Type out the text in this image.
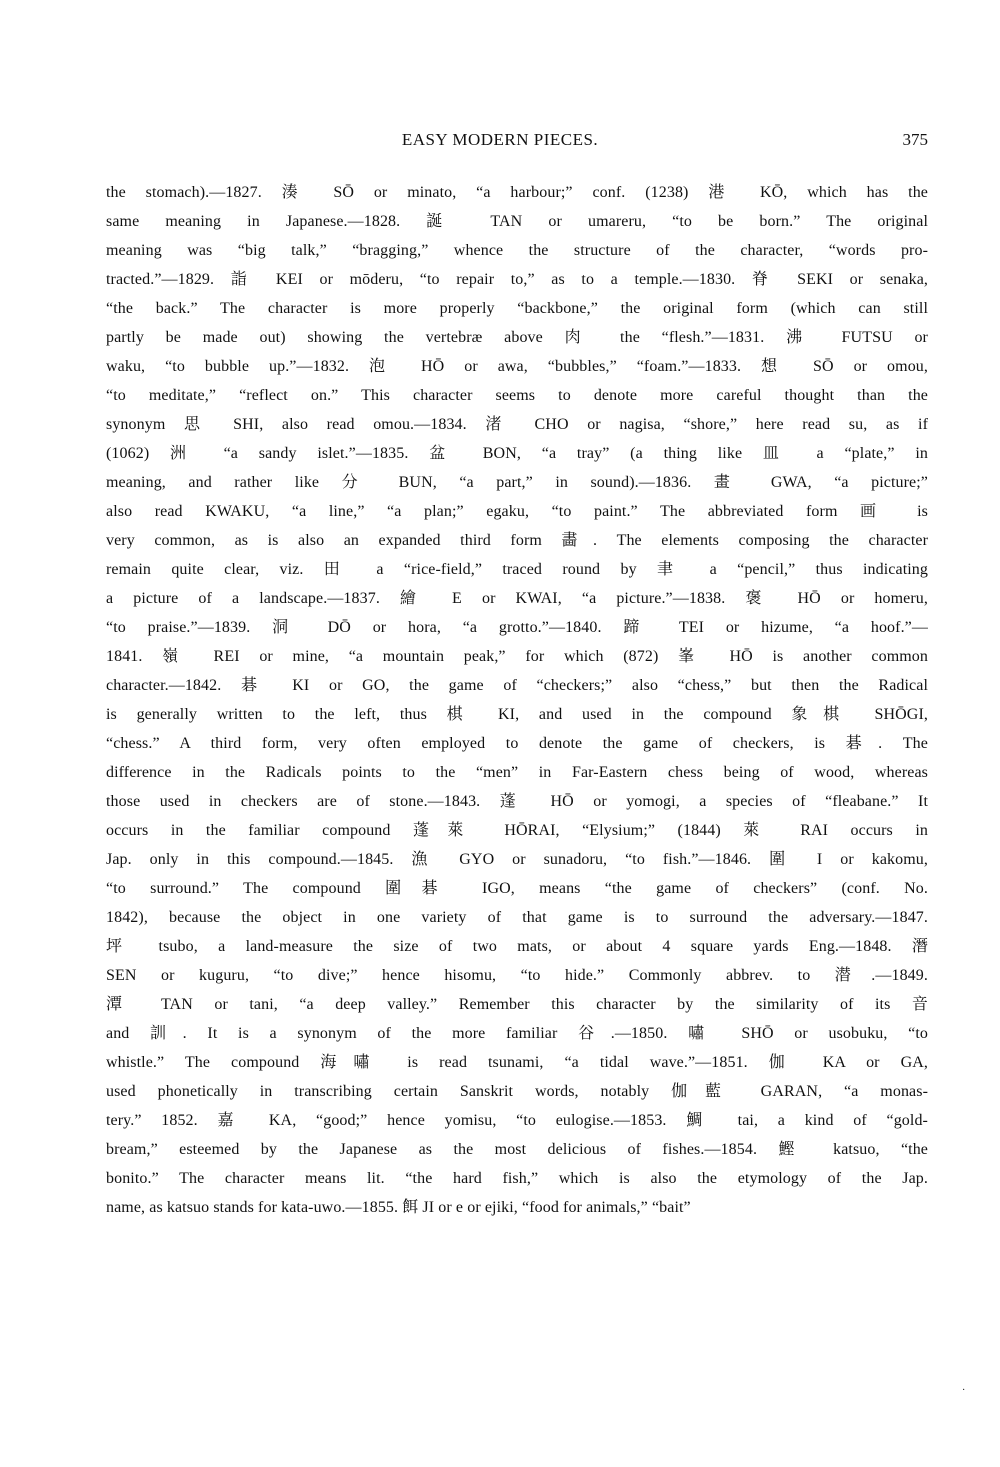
EASY MODERN PIECES.	375
the stomach).—1827. 湊 SŌ or minato, “a harbour;” conf. (1238) 港 KŌ, which has the
same meaning in Japanese.—1828. 誕 TAN or umareru, “to be born.” The original
meaning was “big talk,” “bragging,” whence the structure of the character, “words pro-
tracted.”—1829. 詣 KEI or mōderu, “to repair to,” as to a temple.—1830. 脊 SEKI or senaka,
“the back.” The character is more properly “backbone,” the original form (which can still
partly be made out) showing the vertebræ above 肉 the “flesh.”—1831. 沸 FUTSU or
waku, “to bubble up.”—1832. 泡 HŌ or awa, “bubbles,” “foam.”—1833. 想 SŌ or omou,
“to meditate,” “reflect on.” This character seems to denote more careful thought than the
synonym 思 SHI, also read omou.—1834. 渚 CHO or nagisa, “shore,” here read su, as if
(1062) 洲 “a sandy islet.”—1835. 盆 BON, “a tray” (a thing like 皿 a “plate,” in
meaning, and rather like 分 BUN, “a part,” in sound).—1836. 畫 GWA, “a picture;”
also read KWAKU, “a line,” “a plan;” egaku, “to paint.” The abbreviated form 画 is
very common, as is also an expanded third form 畵. The elements composing the character
remain quite clear, viz. 田 a “rice-field,” traced round by 聿 a “pencil,” thus indicating
a picture of a landscape.—1837. 繪 E or KWAI, “a picture.”—1838. 褒 HŌ or homeru,
“to praise.”—1839. 洞 DŌ or hora, “a grotto.”—1840. 蹄 TEI or hizume, “a hoof.”—
1841. 嶺 REI or mine, “a mountain peak,” for which (872) 峯 HŌ is another common
character.—1842. 碁 KI or GO, the game of “checkers;” also “chess,” but then the Radical
is generally written to the left, thus 棋 KI, and used in the compound 象棋 SHŌGI,
“chess.” A third form, very often employed to denote the game of checkers, is 碁. The
difference in the Radicals points to the “men” in Far-Eastern chess being of wood, whereas
those used in checkers are of stone.—1843. 蓬 HŌ or yomogi, a species of “fleabane.” It
occurs in the familiar compound 蓬萊 HŌRAI, “Elysium;” (1844) 萊 RAI occurs in
Jap. only in this compound.—1845. 漁 GYO or sunadoru, “to fish.”—1846. 圍 I or kakomu,
“to surround.” The compound 圍碁 IGO, means “the game of checkers” (conf. No.
1842), because the object in one variety of that game is to surround the adversary.—1847.
坪 tsubo, a land-measure the size of two mats, or about 4 square yards Eng.—1848. 潛
SEN or kuguru, “to dive;” hence hisomu, “to hide.” Commonly abbrev. to 潜.—1849.
潭 TAN or tani, “a deep valley.” Remember this character by the similarity of its 音
and 訓. It is a synonym of the more familiar 谷.—1850. 嘯 SHŌ or usobuku, “to
whistle.” The compound 海嘯 is read tsunami, “a tidal wave.”—1851. 伽 KA or GA,
used phonetically in transcribing certain Sanskrit words, notably 伽藍 GARAN, “a monas-
tery.” 1852. 嘉 KA, “good;” hence yomisu, “to eulogise.—1853. 鯛 tai, a kind of “gold-
bream,” esteemed by the Japanese as the most delicious of fishes.—1854. 鰹 katsuo, “the
bonito.” The character means lit. “the hard fish,” which is also the etymology of the Jap.
name, as katsuo stands for kata-uwo.—1855. 餌 JI or e or ejiki, “food for animals,” “bait”
·
